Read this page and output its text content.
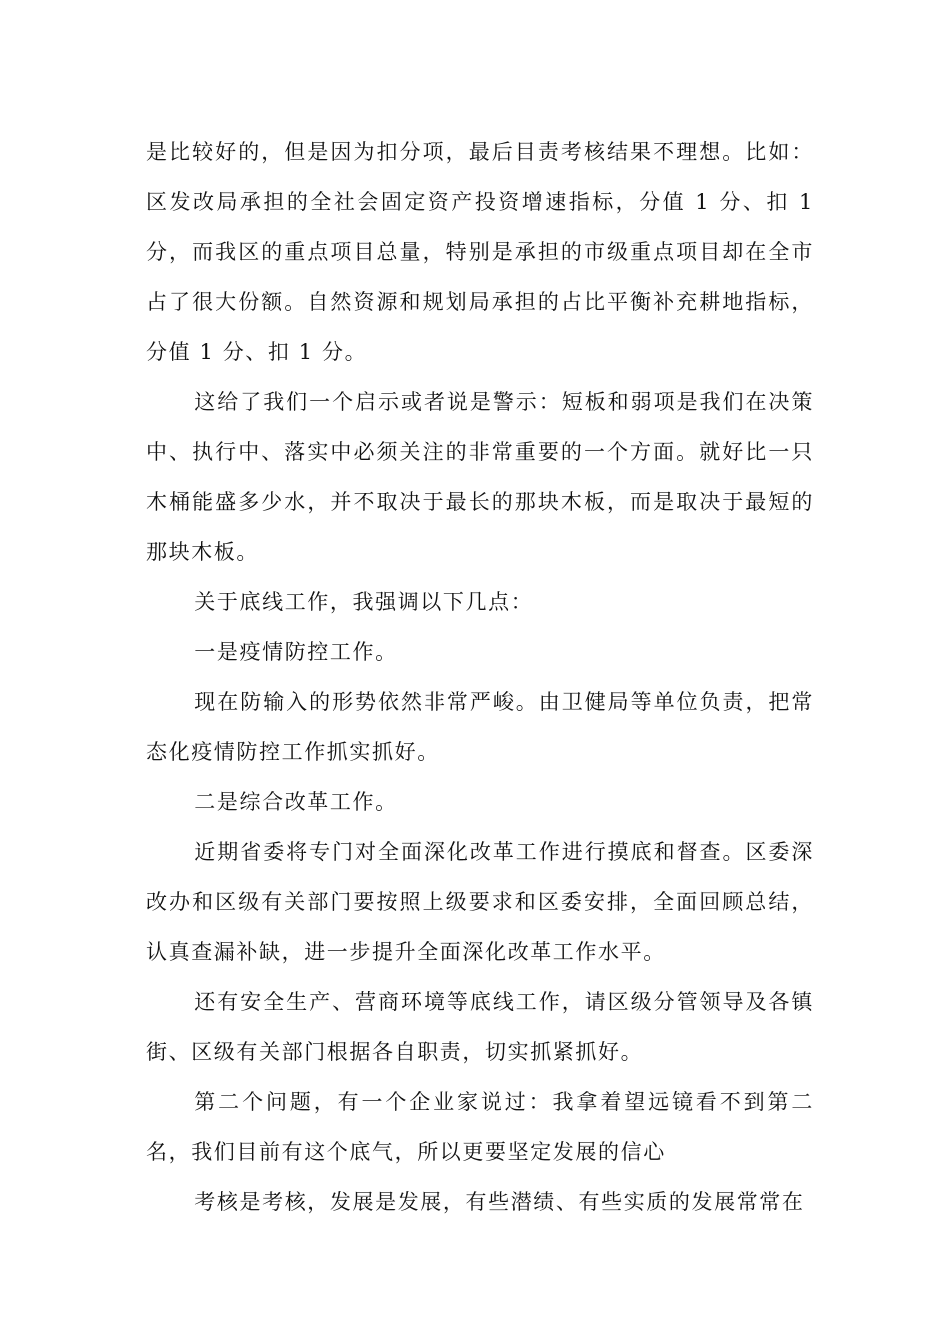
是比较好的，但是因为扣分项，最后目责考核结果不理想。比如：区发改局承担的全社会固定资产投资增速指标，分值 1 分、扣 1 分，而我区的重点项目总量，特别是承担的市级重点项目却在全市占了很大份额。自然资源和规划局承担的占比平衡补充耕地指标，分值 1 分、扣 1 分。

这给了我们一个启示或者说是警示：短板和弱项是我们在决策中、执行中、落实中必须关注的非常重要的一个方面。就好比一只木桶能盛多少水，并不取决于最长的那块木板，而是取决于最短的那块木板。

关于底线工作，我强调以下几点：

一是疫情防控工作。

现在防输入的形势依然非常严峻。由卫健局等单位负责，把常态化疫情防控工作抓实抓好。

二是综合改革工作。

近期省委将专门对全面深化改革工作进行摸底和督查。区委深改办和区级有关部门要按照上级要求和区委安排，全面回顾总结，认真查漏补缺，进一步提升全面深化改革工作水平。

还有安全生产、营商环境等底线工作，请区级分管领导及各镇街、区级有关部门根据各自职责，切实抓紧抓好。

第二个问题，有一个企业家说过：我拿着望远镜看不到第二名，我们目前有这个底气，所以更要坚定发展的信心

考核是考核，发展是发展，有些潜绩、有些实质的发展常常在
